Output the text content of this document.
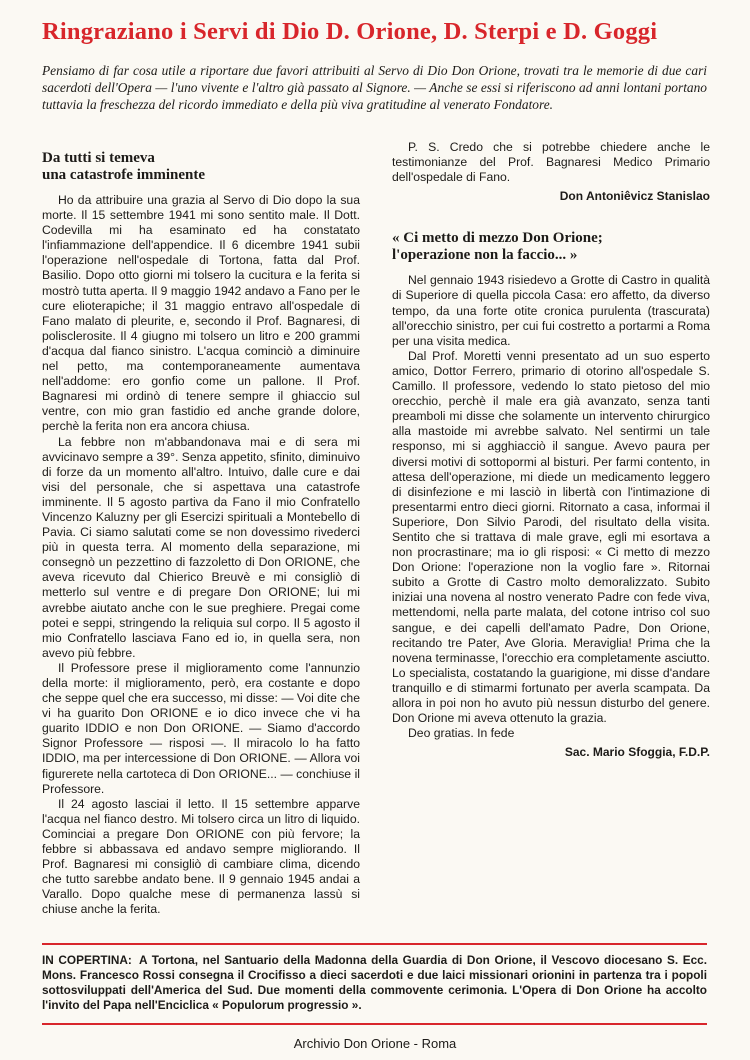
Ringraziano i Servi di Dio D. Orione, D. Sterpi e D. Goggi
Pensiamo di far cosa utile a riportare due favori attribuiti al Servo di Dio Don Orione, trovati tra le memorie di due cari sacerdoti dell'Opera — l'uno vivente e l'altro già passato al Signore. — Anche se essi si riferiscono ad anni lontani portano tuttavia la freschezza del ricordo immediato e della più viva gratitudine al venerato Fondatore.
Da tutti si temeva
una catastrofe imminente

Ho da attribuire una grazia al Servo di Dio dopo la sua morte. Il 15 settembre 1941 mi sono sentito male. Il Dott. Codevilla mi ha esaminato ed ha constatato l'infiammazione dell'appendice. Il 6 dicembre 1941 subii l'operazione nell'ospedale di Tortona, fatta dal Prof. Basilio. Dopo otto giorni mi tolsero la cucitura e la ferita si mostrò tutta aperta. Il 9 maggio 1942 andavo a Fano per le cure elioterapiche; il 31 maggio entravo all'ospedale di Fano malato di pleurite, e, secondo il Prof. Bagnaresi, di polisclerosite. Il 4 giugno mi tolsero un litro e 200 grammi d'acqua dal fianco sinistro. L'acqua cominciò a diminuire nel petto, ma contemporaneamente aumentava nell'addome: ero gonfio come un pallone. Il Prof. Bagnaresi mi ordinò di tenere sempre il ghiaccio sul ventre, con mio gran fastidio ed anche grande dolore, perchè la ferita non era ancora chiusa.

La febbre non m'abbandonava mai e di sera mi avvicinavo sempre a 39°. Senza appetito, sfinito, diminuivo di forze da un momento all'altro. Intuivo, dalle cure e dai visi del personale, che si aspettava una catastrofe imminente. Il 5 agosto partiva da Fano il mio Confratello Vincenzo Kaluzny per gli Esercizi spirituali a Montebello di Pavia. Ci siamo salutati come se non dovessimo rivederci più in questa terra. Al momento della separazione, mi consegnò un pezzettino di fazzoletto di Don ORIONE, che aveva ricevuto dal Chierico Breuvè e mi consigliò di metterlo sul ventre e di pregare Don ORIONE; lui mi avrebbe aiutato anche con le sue preghiere. Pregai come potei e seppi, stringendo la reliquia sul corpo. Il 5 agosto il mio Confratello lasciava Fano ed io, in quella sera, non avevo più febbre.

Il Professore prese il miglioramento come l'annunzio della morte: il miglioramento, però, era costante e dopo che seppe quel che era successo, mi disse: — Voi dite che vi ha guarito Don ORIONE e io dico invece che vi ha guarito IDDIO e non Don ORIONE. — Siamo d'accordo Signor Professore — risposi —. Il miracolo lo ha fatto IDDIO, ma per intercessione di Don ORIONE. — Allora voi figurerete nella cartoteca di Don ORIONE... — conchiuse il Professore.

Il 24 agosto lasciai il letto. Il 15 settembre apparve l'acqua nel fianco destro. Mi tolsero circa un litro di liquido. Cominciai a pregare Don ORIONE con più fervore; la febbre si abbassava ed andavo sempre migliorando. Il Prof. Bagnaresi mi consigliò di cambiare clima, dicendo che tutto sarebbe andato bene. Il 9 gennaio 1945 andai a Varallo. Dopo qualche mese di permanenza lassù si chiuse anche la ferita.

P. S. Credo che si potrebbe chiedere anche le testimonianze del Prof. Bagnaresi Medico Primario dell'ospedale di Fano.

Don Antoniêvicz Stanislao
« Ci metto di mezzo Don Orione;
l'operazione non la faccio... »

Nel gennaio 1943 risiedevo a Grotte di Castro in qualità di Superiore di quella piccola Casa: ero affetto, da diverso tempo, da una forte otite cronica purulenta (trascurata) all'orecchio sinistro, per cui fui costretto a portarmi a Roma per una visita medica.

Dal Prof. Moretti venni presentato ad un suo esperto amico, Dottor Ferrero, primario di otorino all'ospedale S. Camillo. Il professore, vedendo lo stato pietoso del mio orecchio, perchè il male era già avanzato, senza tanti preamboli mi disse che solamente un intervento chirurgico alla mastoide mi avrebbe salvato. Nel sentirmi un tale responso, mi si agghiacciò il sangue. Avevo paura per diversi motivi di sottopormi al bisturi. Per farmi contento, in attesa dell'operazione, mi diede un medicamento leggero di disinfezione e mi lasciò in libertà con l'intimazione di presentarmi entro dieci giorni. Ritornato a casa, informai il Superiore, Don Silvio Parodi, del risultato della visita. Sentito che si trattava di male grave, egli mi esortava a non procrastinare; ma io gli risposi: « Ci metto di mezzo Don Orione: l'operazione non la voglio fare ». Ritornai subito a Grotte di Castro molto demoralizzato. Subito iniziai una novena al nostro venerato Padre con fede viva, mettendomi, nella parte malata, del cotone intriso col suo sangue, e dei capelli dell'amato Padre, Don Orione, recitando tre Pater, Ave Gloria. Meraviglia! Prima che la novena terminasse, l'orecchio era completamente asciutto. Lo specialista, costatando la guarigione, mi disse d'andare tranquillo e di stimarmi fortunato per averla scampata. Da allora in poi non ho avuto più nessun disturbo del genere. Don Orione mi aveva ottenuto la grazia.

Deo gratias. In fede

Sac. Mario Sfoggia, F.D.P.
IN COPERTINA: A Tortona, nel Santuario della Madonna della Guardia di Don Orione, il Vescovo diocesano S. Ecc. Mons. Francesco Rossi consegna il Crocifisso a dieci sacerdoti e due laici missionari orionini in partenza tra i popoli sottosviluppati dell'America del Sud. Due momenti della commovente cerimonia. L'Opera di Don Orione ha accolto l'invito del Papa nell'Enciclica « Populorum progressio ».
Archivio Don Orione - Roma
